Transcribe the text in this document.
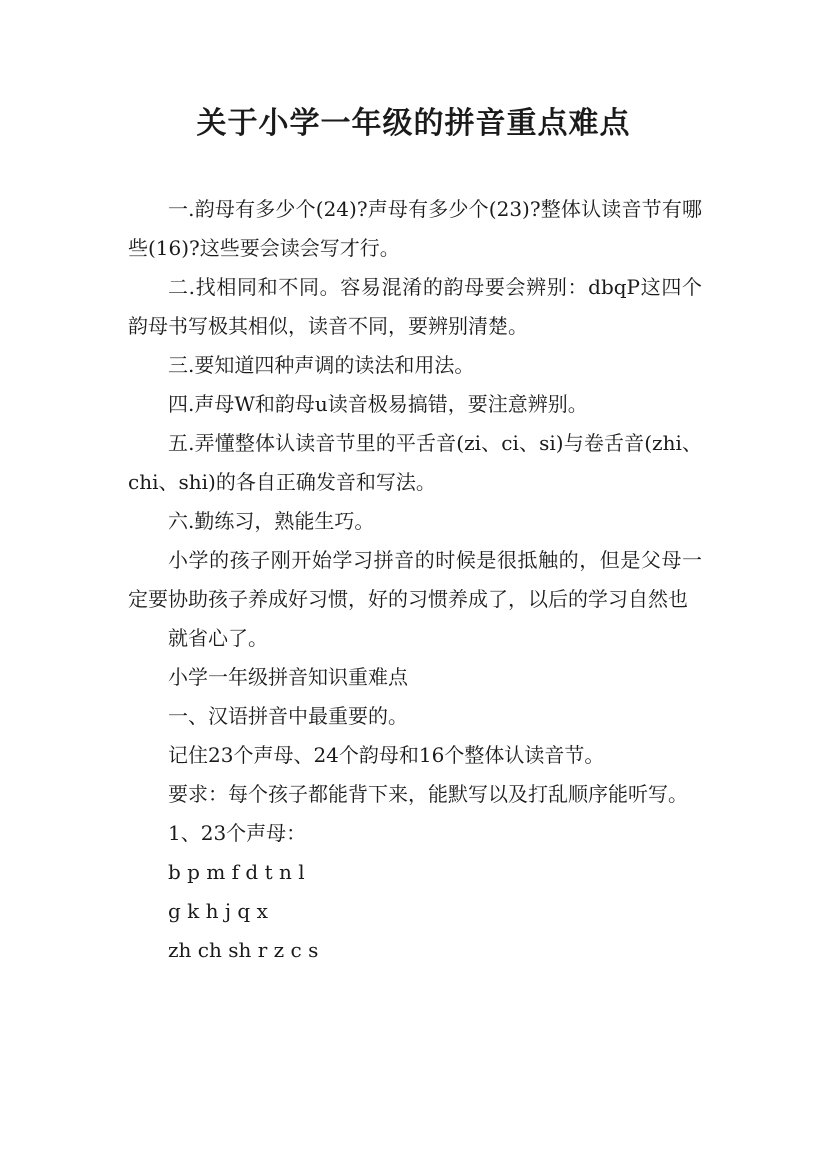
关于小学一年级的拼音重点难点

一.韵母有多少个(24)?声母有多少个(23)?整体认读音节有哪些(16)?这些要会读会写才行。

二.找相同和不同。容易混淆的韵母要会辨别：dbqP这四个韵母书写极其相似，读音不同，要辨别清楚。

三.要知道四种声调的读法和用法。

四.声母W和韵母u读音极易搞错，要注意辨别。

五.弄懂整体认读音节里的平舌音(zi、ci、si)与卷舌音(zhi、chi、shi)的各自正确发音和写法。

六.勤练习，熟能生巧。

小学的孩子刚开始学习拼音的时候是很抵触的，但是父母一定要协助孩子养成好习惯，好的习惯养成了，以后的学习自然也

就省心了。

小学一年级拼音知识重难点

一、汉语拼音中最重要的。

记住23个声母、24个韵母和16个整体认读音节。

要求：每个孩子都能背下来，能默写以及打乱顺序能听写。

1、23个声母：

b p m f d t n l

g k h j q x

zh ch sh r z c s
